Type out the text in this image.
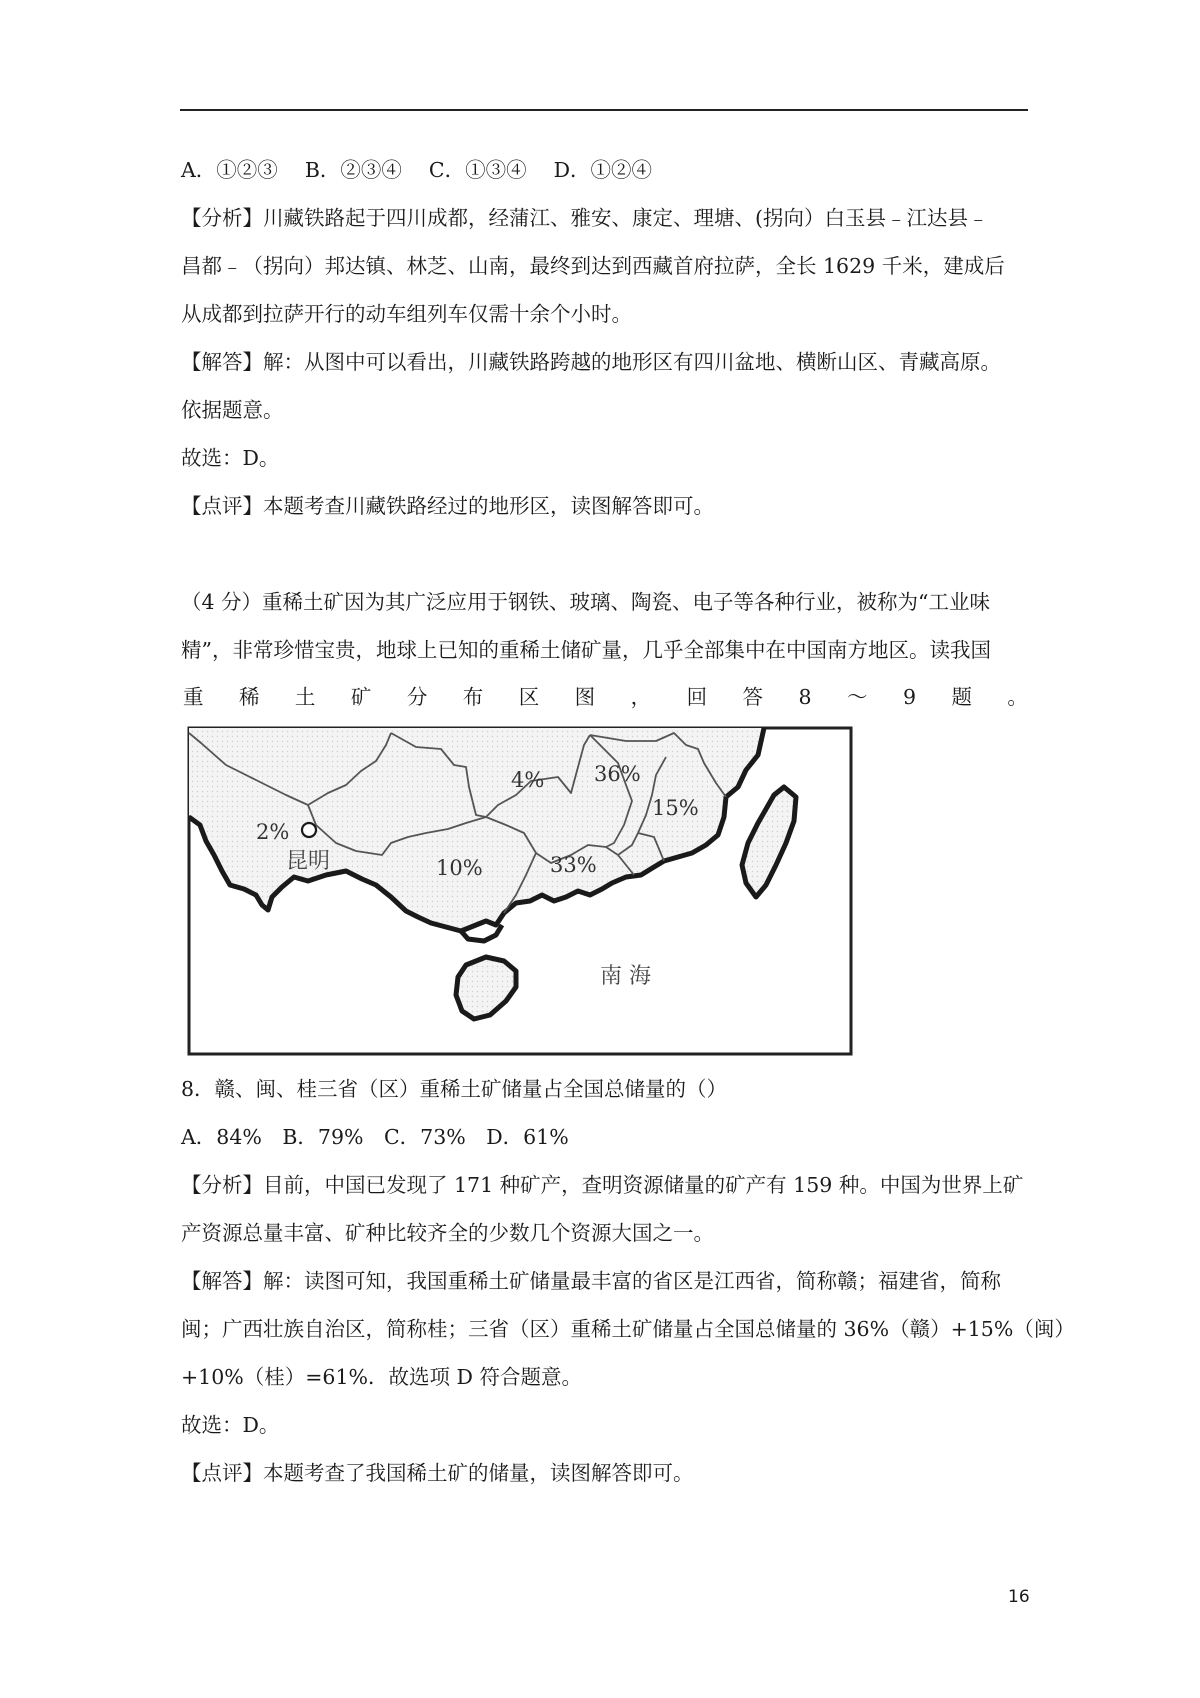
A．①②③　 B．②③④　 C．①③④　 D．①②④
【分析】川藏铁路起于四川成都，经蒲江、雅安、康定、理塘、(拐向）白玉县﹣江达县﹣
昌都﹣（拐向）邦达镇、林芝、山南，最终到达到西藏首府拉萨，全长 1629 千米，建成后
从成都到拉萨开行的动车组列车仅需十余个小时。
【解答】解：从图中可以看出，川藏铁路跨越的地形区有四川盆地、横断山区、青藏高原。
依据题意。
故选：D。
【点评】本题考查川藏铁路经过的地形区，读图解答即可。
（4 分）重稀土矿因为其广泛应用于钢铁、玻璃、陶瓷、电子等各种行业，被称为“工业味
精”，非常珍惜宝贵，地球上已知的重稀土储矿量，几乎全部集中在中国南方地区。读我国
重 稀 土 矿 分 布 区 图 ， 回 答 8 ～ 9 题 。
2%
昆明
4% 36%
15%
10%	33%
南 海
8．赣、闽、桂三省（区）重稀土矿储量占全国总储量的（）
A．84%　B．79%　C．73%　D．61%
【分析】目前，中国已发现了 171 种矿产，查明资源储量的矿产有 159 种。中国为世界上矿
产资源总量丰富、矿种比较齐全的少数几个资源大国之一。
【解答】解：读图可知，我国重稀土矿储量最丰富的省区是江西省，简称赣；福建省，简称
闽；广西壮族自治区，简称桂；三省（区）重稀土矿储量占全国总储量的 36%（赣）+15%（闽）
+10%（桂）=61%．故选项 D 符合题意。
故选：D。
【点评】本题考查了我国稀土矿的储量，读图解答即可。
16
